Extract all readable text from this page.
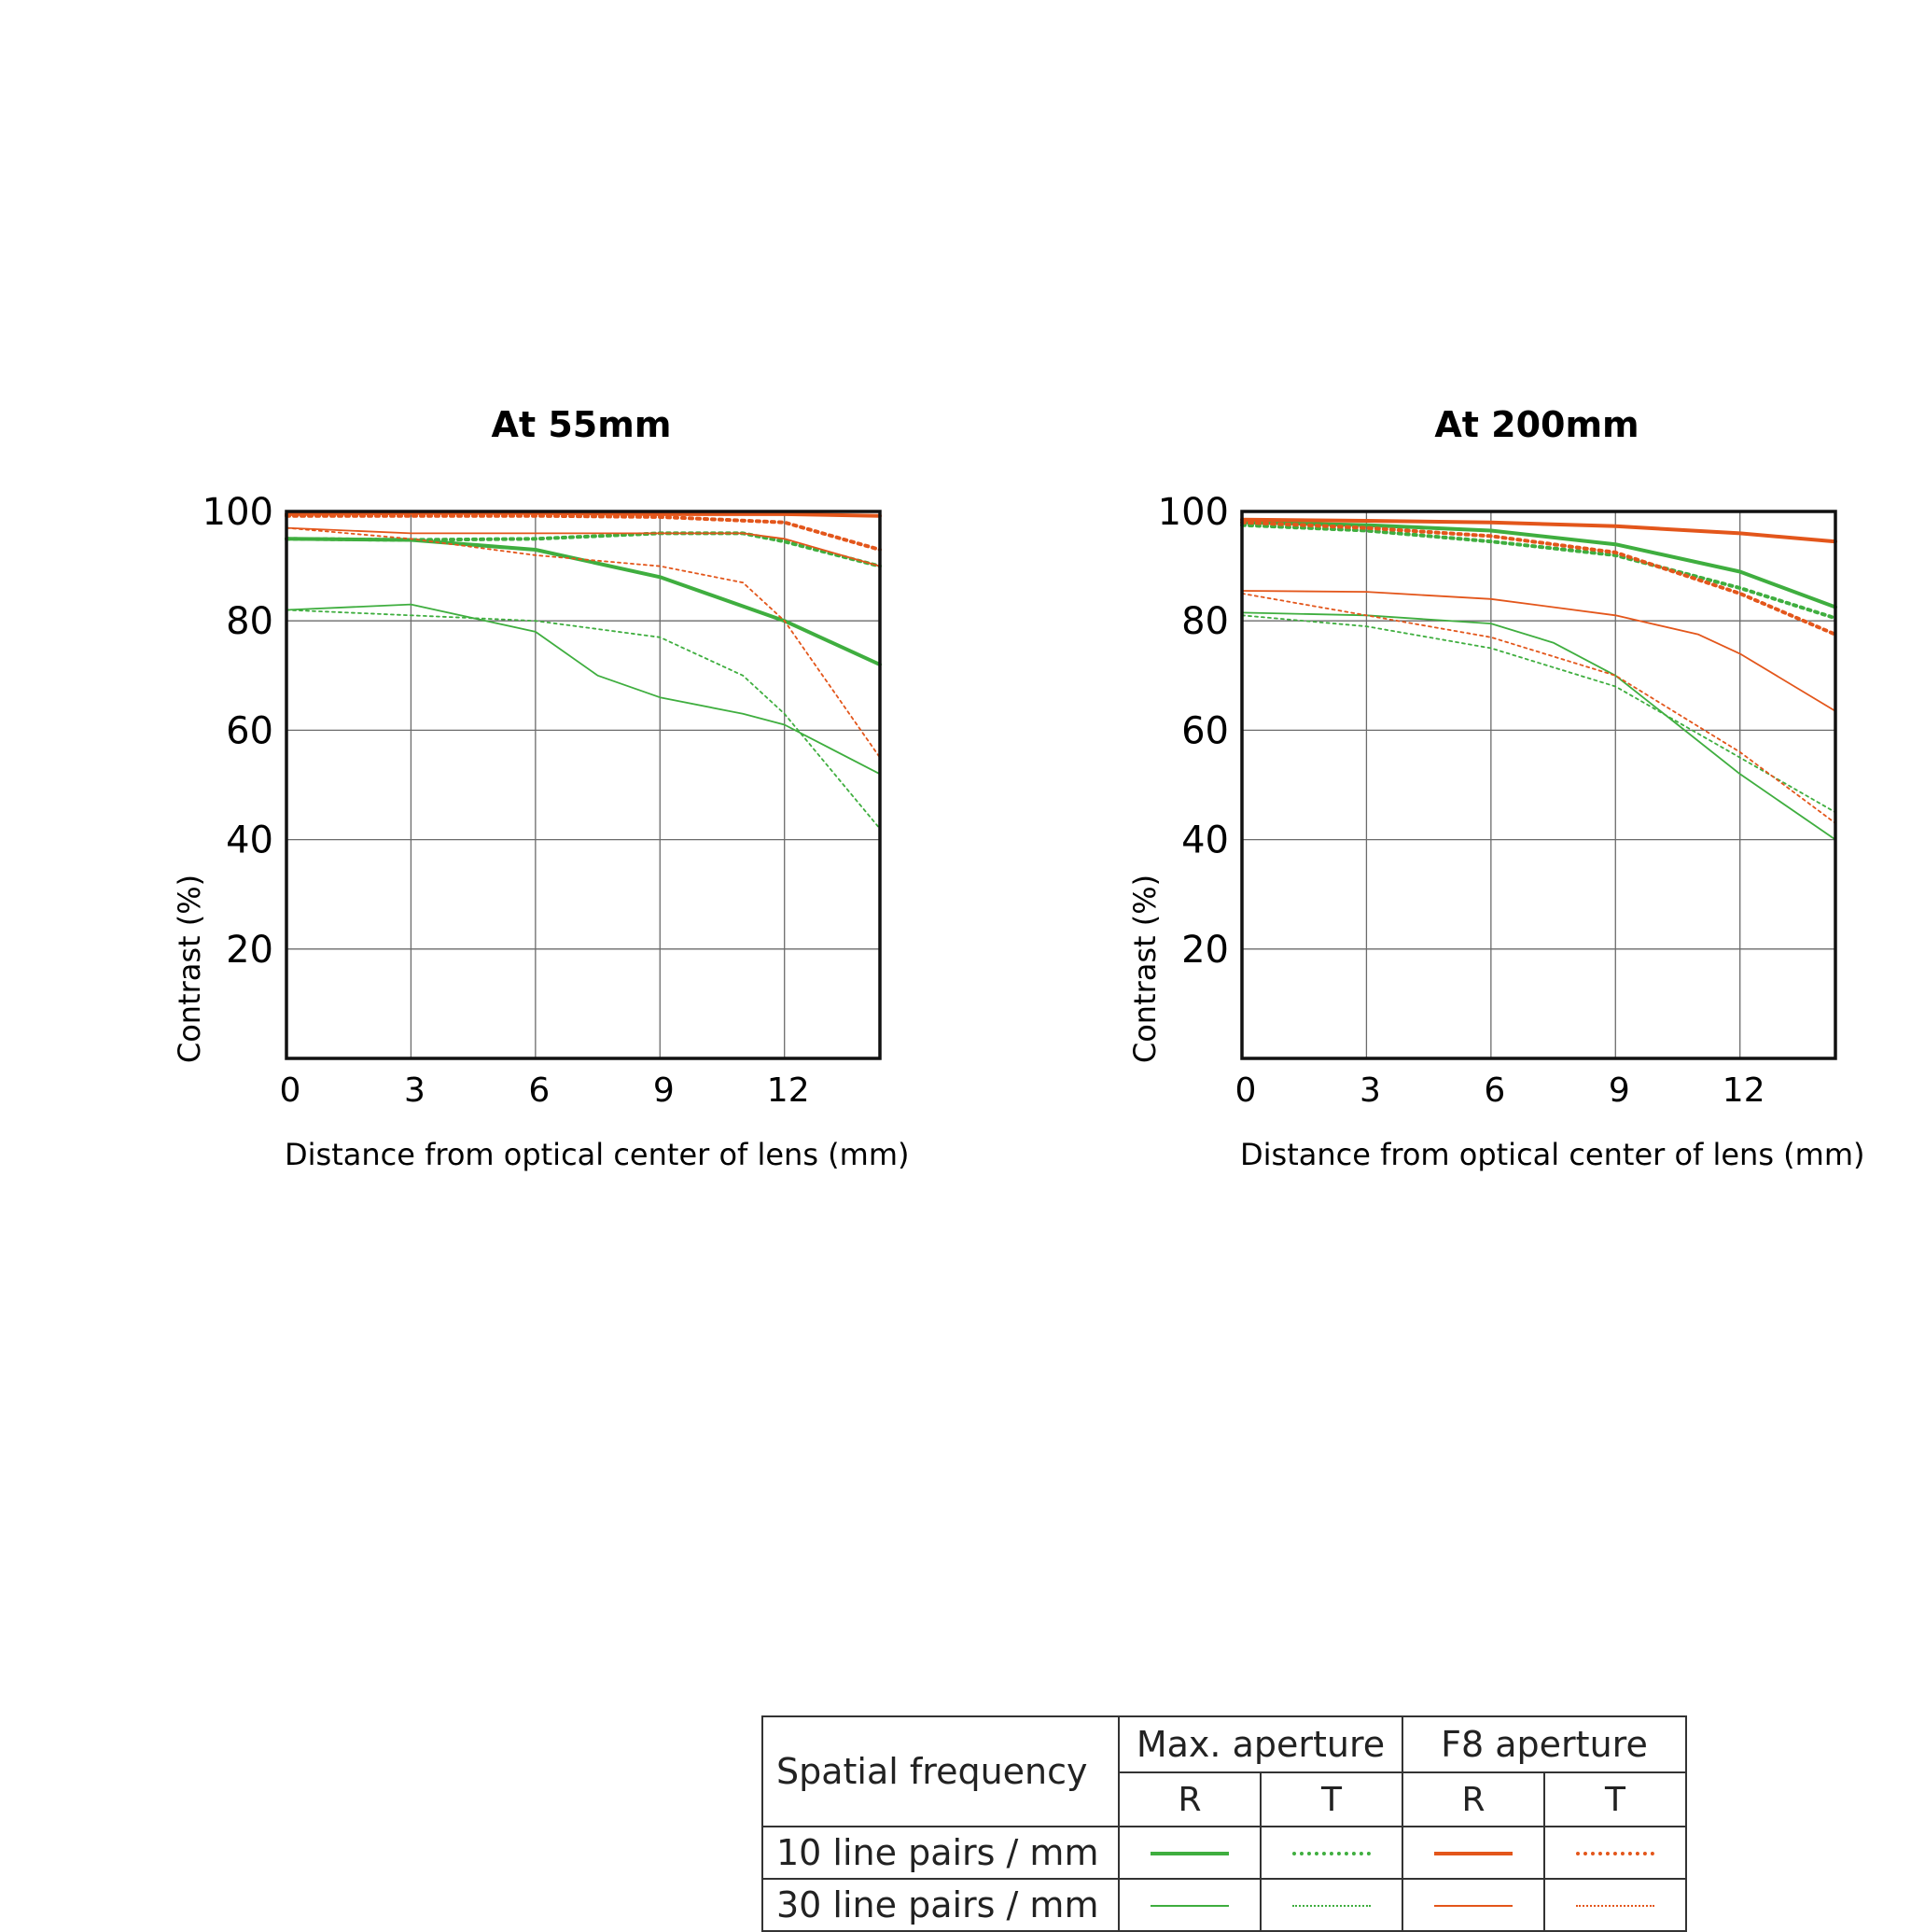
At 55mm
20
40
60
80
100
0	3	6	9	12
Distance from optical center of lens (mm)
Contrast (%)
At 200mm
20
40
60
80
100
0	3	6	9	12
Distance from optical center of lens (mm)
Contrast (%)
Spatial frequency	Max. aperture		F8 aperture	
	R	T	R	T
10 line pairs / mm				
30 line pairs / mm				
